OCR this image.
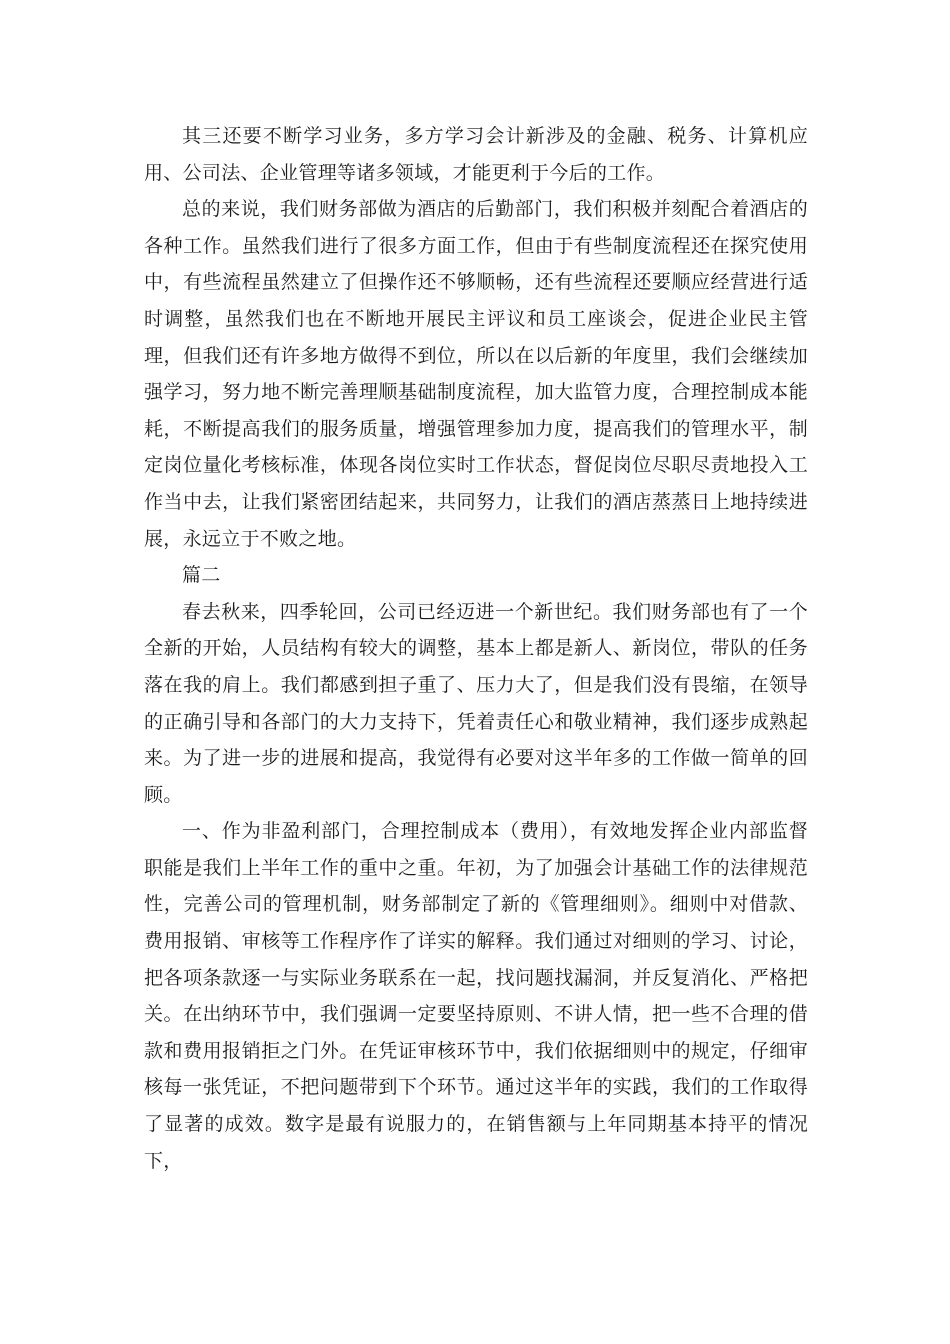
其三还要不断学习业务，多方学习会计新涉及的金融、税务、计算机应用、公司法、企业管理等诸多领域，才能更利于今后的工作。

总的来说，我们财务部做为酒店的后勤部门，我们积极并刻配合着酒店的各种工作。虽然我们进行了很多方面工作，但由于有些制度流程还在探究使用中，有些流程虽然建立了但操作还不够顺畅，还有些流程还要顺应经营进行适时调整，虽然我们也在不断地开展民主评议和员工座谈会，促进企业民主管理，但我们还有许多地方做得不到位，所以在以后新的年度里，我们会继续加强学习，努力地不断完善理顺基础制度流程，加大监管力度，合理控制成本能耗，不断提高我们的服务质量，增强管理参加力度，提高我们的管理水平，制定岗位量化考核标准，体现各岗位实时工作状态，督促岗位尽职尽责地投入工作当中去，让我们紧密团结起来，共同努力，让我们的酒店蒸蒸日上地持续进展，永远立于不败之地。

篇二

春去秋来，四季轮回，公司已经迈进一个新世纪。我们财务部也有了一个全新的开始，人员结构有较大的调整，基本上都是新人、新岗位，带队的任务落在我的肩上。我们都感到担子重了、压力大了，但是我们没有畏缩，在领导的正确引导和各部门的大力支持下，凭着责任心和敬业精神，我们逐步成熟起来。为了进一步的进展和提高，我觉得有必要对这半年多的工作做一简单的回顾。

一、作为非盈利部门，合理控制成本（费用），有效地发挥企业内部监督职能是我们上半年工作的重中之重。年初，为了加强会计基础工作的法律规范性，完善公司的管理机制，财务部制定了新的《管理细则》。细则中对借款、费用报销、审核等工作程序作了详实的解释。我们通过对细则的学习、讨论，把各项条款逐一与实际业务联系在一起，找问题找漏洞，并反复消化、严格把关。在出纳环节中，我们强调一定要坚持原则、不讲人情，把一些不合理的借款和费用报销拒之门外。在凭证审核环节中，我们依据细则中的规定，仔细审核每一张凭证，不把问题带到下个环节。通过这半年的实践，我们的工作取得了显著的成效。数字是最有说服力的，在销售额与上年同期基本持平的情况下，
